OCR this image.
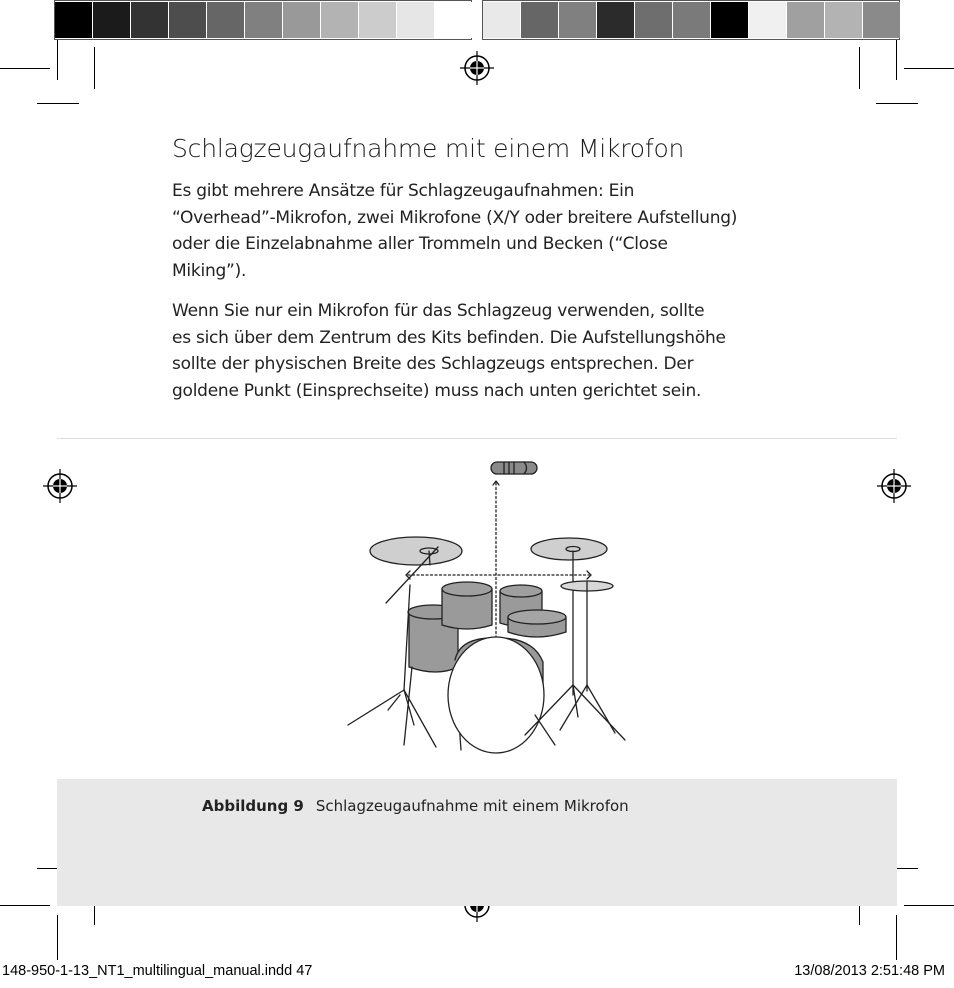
Schlagzeugaufnahme mit einem Mikrofon
Es gibt mehrere Ansätze für Schlagzeugaufnahmen: Ein
“Overhead”-Mikrofon, zwei Mikrofone (X/Y oder breitere Aufstellung)
oder die Einzelabnahme aller Trommeln und Becken (“Close
Miking”).
Wenn Sie nur ein Mikrofon für das Schlagzeug verwenden, sollte
es sich über dem Zentrum des Kits befinden. Die Aufstellungshöhe
sollte der physischen Breite des Schlagzeugs entsprechen. Der
goldene Punkt (Einsprechseite) muss nach unten gerichtet sein.
Abbildung 9 Schlagzeugaufnahme mit einem Mikrofon
148-950-1-13_NT1_multilingual_manual.indd 47	13/08/2013 2:51:48 PM
